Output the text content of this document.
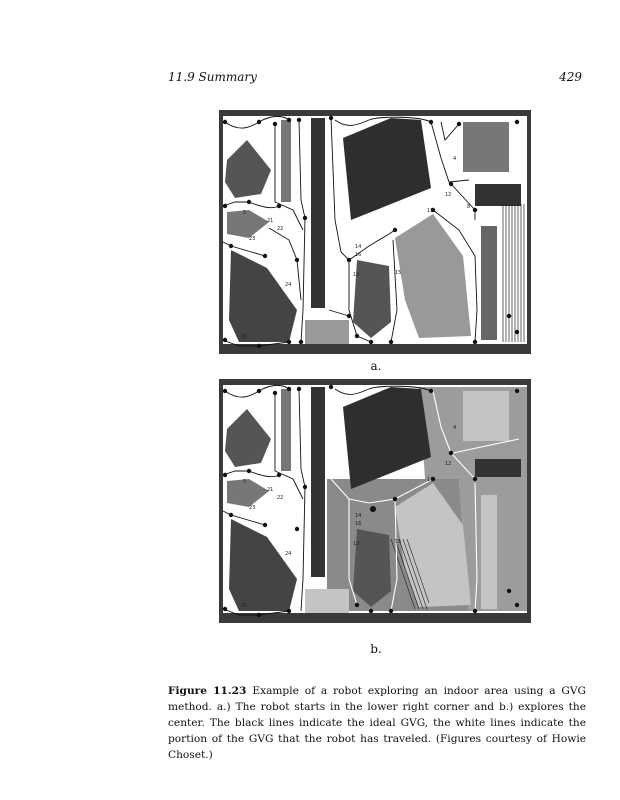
11.9 Summary	429
4
5
8
11
12
13
14
15
16
20
21
22
23
24
a.
4
5	11
12
13
14
15
16
20
21
22
23
24
b.
Figure 11.23 Example of a robot exploring an indoor area using a GVG method. a.) The robot starts in the lower right corner and b.) explores the center. The black lines indicate the ideal GVG, the white lines indicate the portion of the GVG that the robot has traveled. (Figures courtesy of Howie Choset.)
